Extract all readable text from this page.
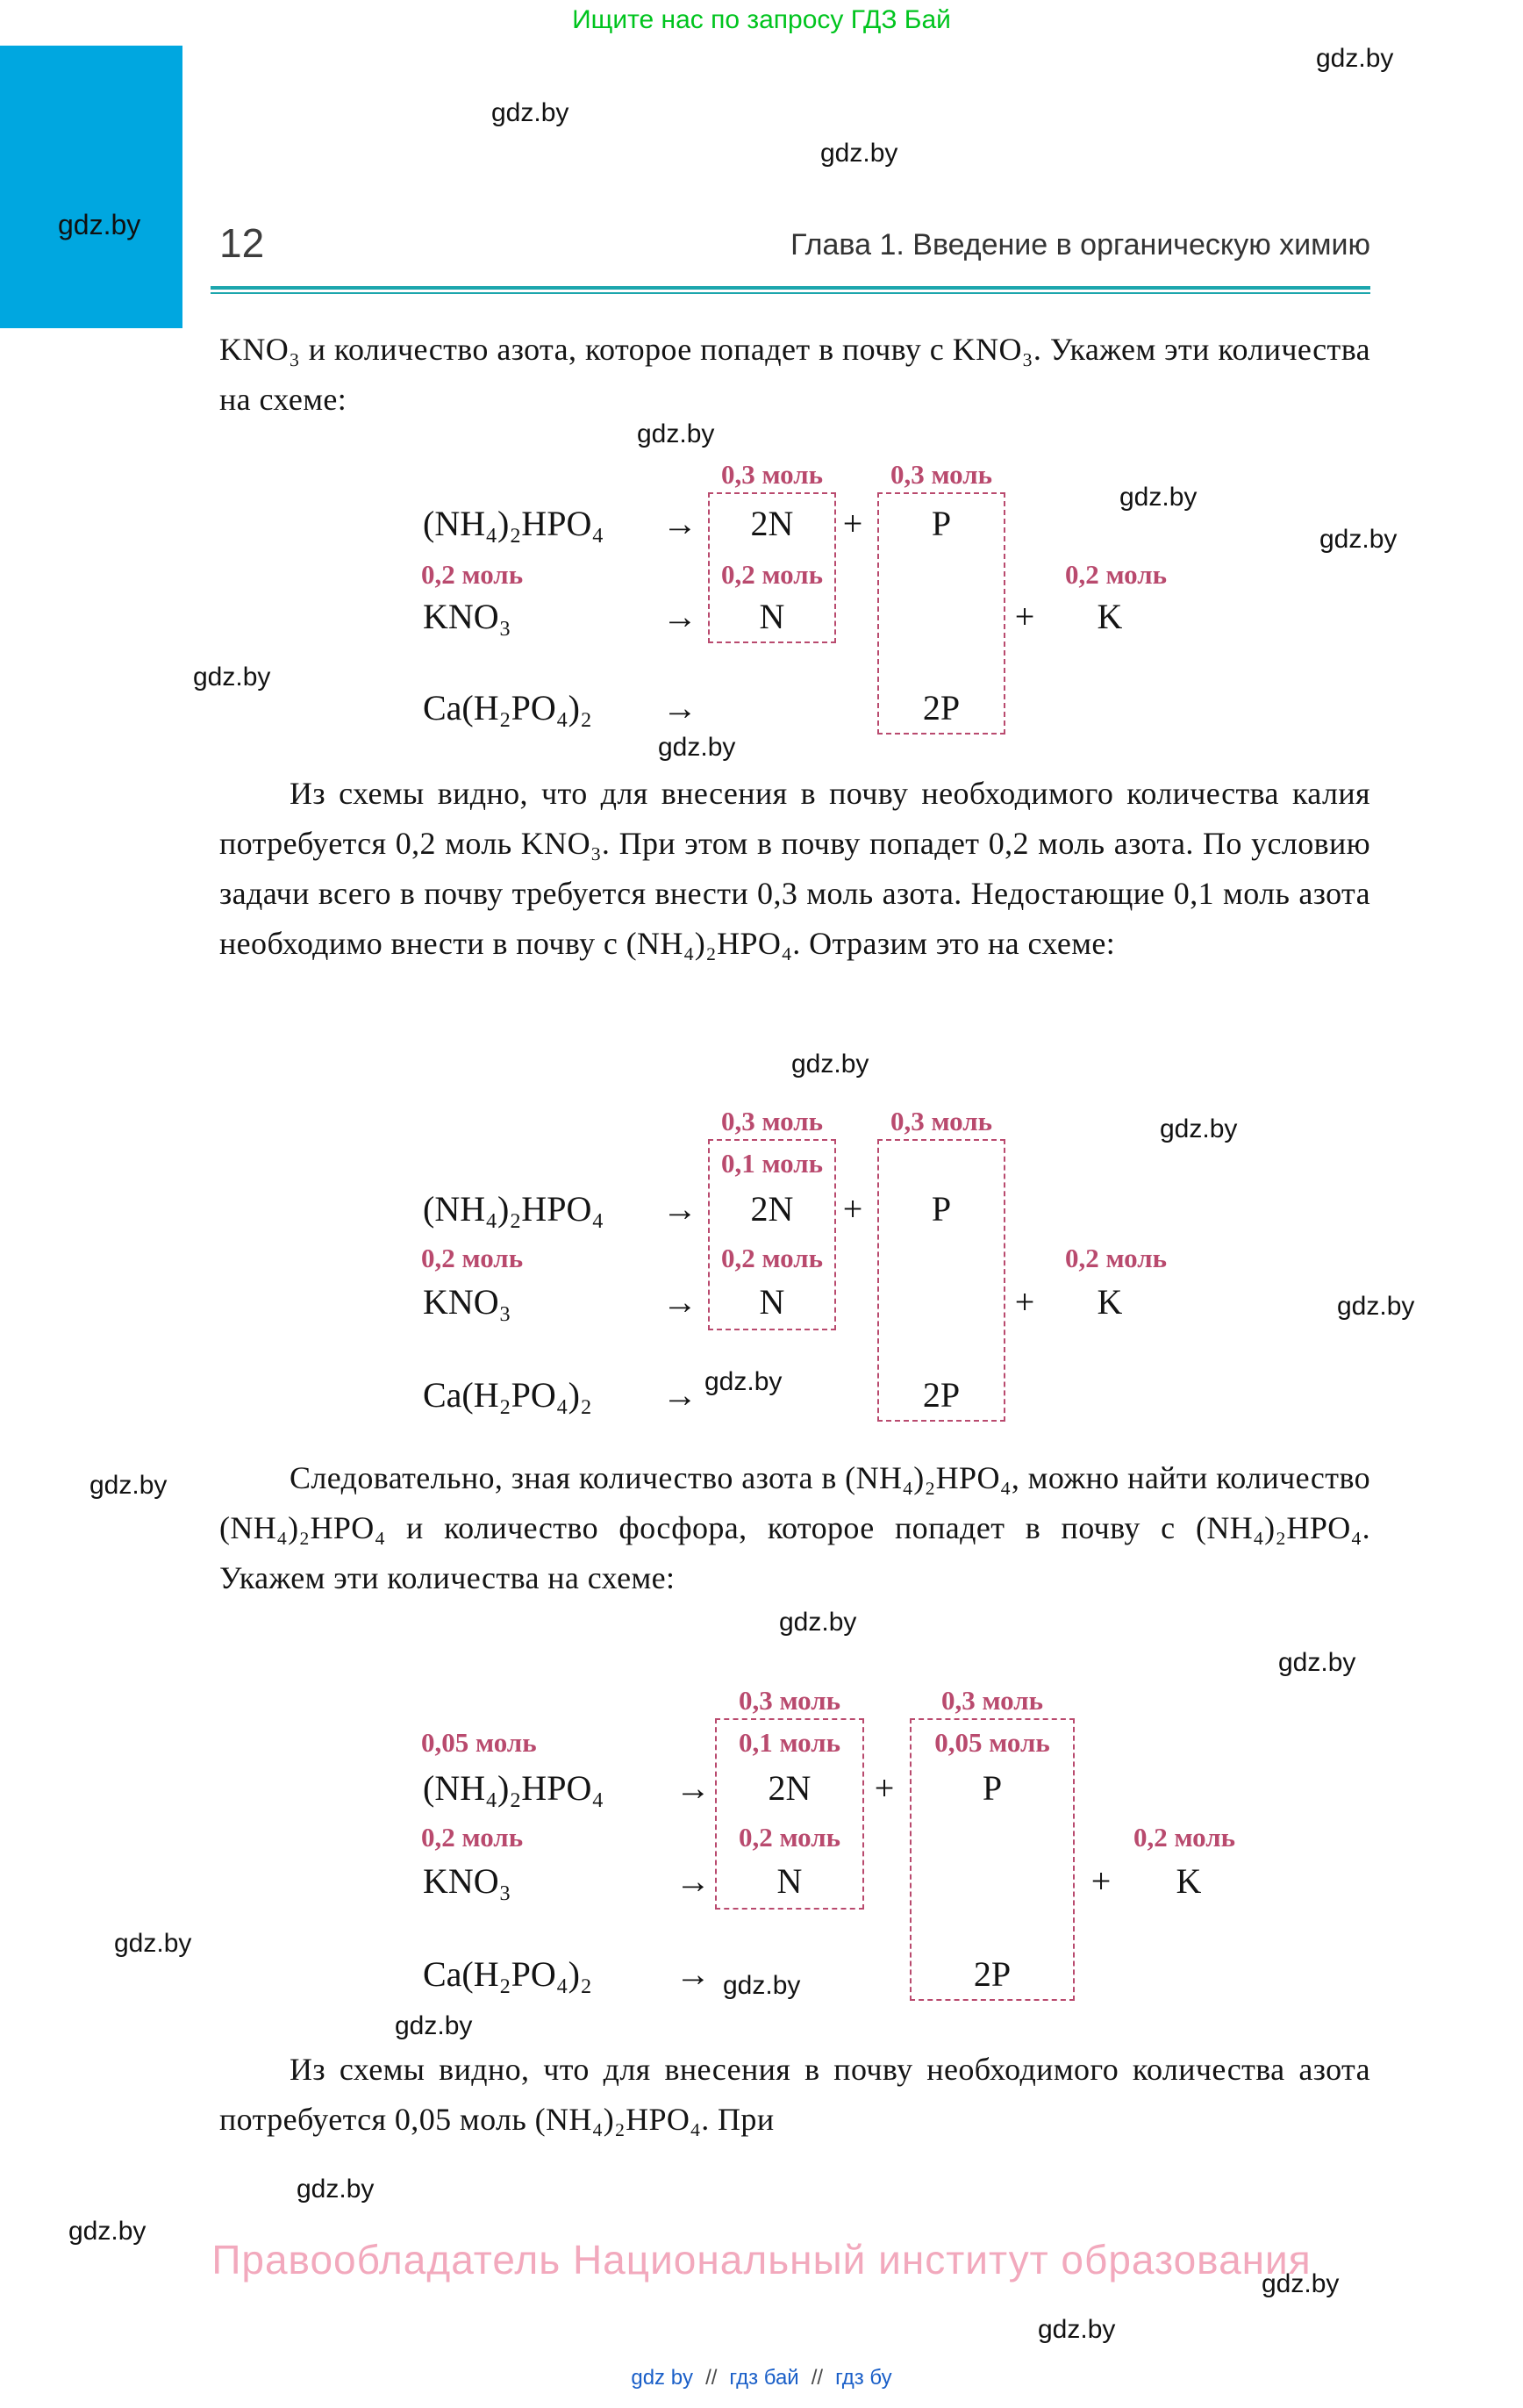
Ищите нас по запросу ГДЗ Бай
gdz.by
gdz.by
gdz.by
gdz.by
gdz.by
gdz.by
gdz.by
gdz.by
gdz.by
gdz.by
gdz.by
gdz.by
gdz.by
gdz.by
gdz.by
gdz.by
gdz.by
gdz.by
gdz.by
gdz.by
gdz.by
gdz.by
gdz.by 12	Глава 1. Введение в органическую химию

KNO₃ и количество азота, которое попадет в почву с KNO₃. Укажем эти количества на схеме:

0,3 моль 0,3 моль
(NH₄)₂HPO₄ → 2N + P
0,2 моль	0,2 моль	0,2 моль
KNO₃	→ N	+ K
Ca(H₂PO₄)₂ →	2P

Из схемы видно, что для внесения в почву необходимого количества калия потребуется 0,2 моль KNO₃. При этом в почву попадет 0,2 моль азота. По условию задачи всего в почву требуется внести 0,3 моль азота. Недостающие 0,1 моль азота необходимо внести в почву с (NH₄)₂HPO₄. Отразим это на схеме:

0,3 моль 0,3 моль
0,1 моль
(NH₄)₂HPO₄ → 2N + P
0,2 моль	0,2 моль	0,2 моль
KNO₃	→ N	+ K
Ca(H₂PO₄)₂ →	2P

Следовательно, зная количество азота в (NH₄)₂HPO₄, можно найти количество (NH₄)₂HPO₄ и количество фосфора, которое попадет в почву с (NH₄)₂HPO₄. Укажем эти количества на схеме:

0,3 моль	0,3 моль
0,05 моль	0,1 моль	0,05 моль
(NH₄)₂HPO₄ → 2N +	P
0,2 моль	0,2 моль	0,2 моль
KNO₃	→ N	+ K
Ca(H₂PO₄)₂ →	2P

Из схемы видно, что для внесения в почву необходимого количества азота потребуется 0,05 моль (NH₄)₂HPO₄. При

Правообладатель Национальный институт образования
gdz by // гдз бай // гдз бу
